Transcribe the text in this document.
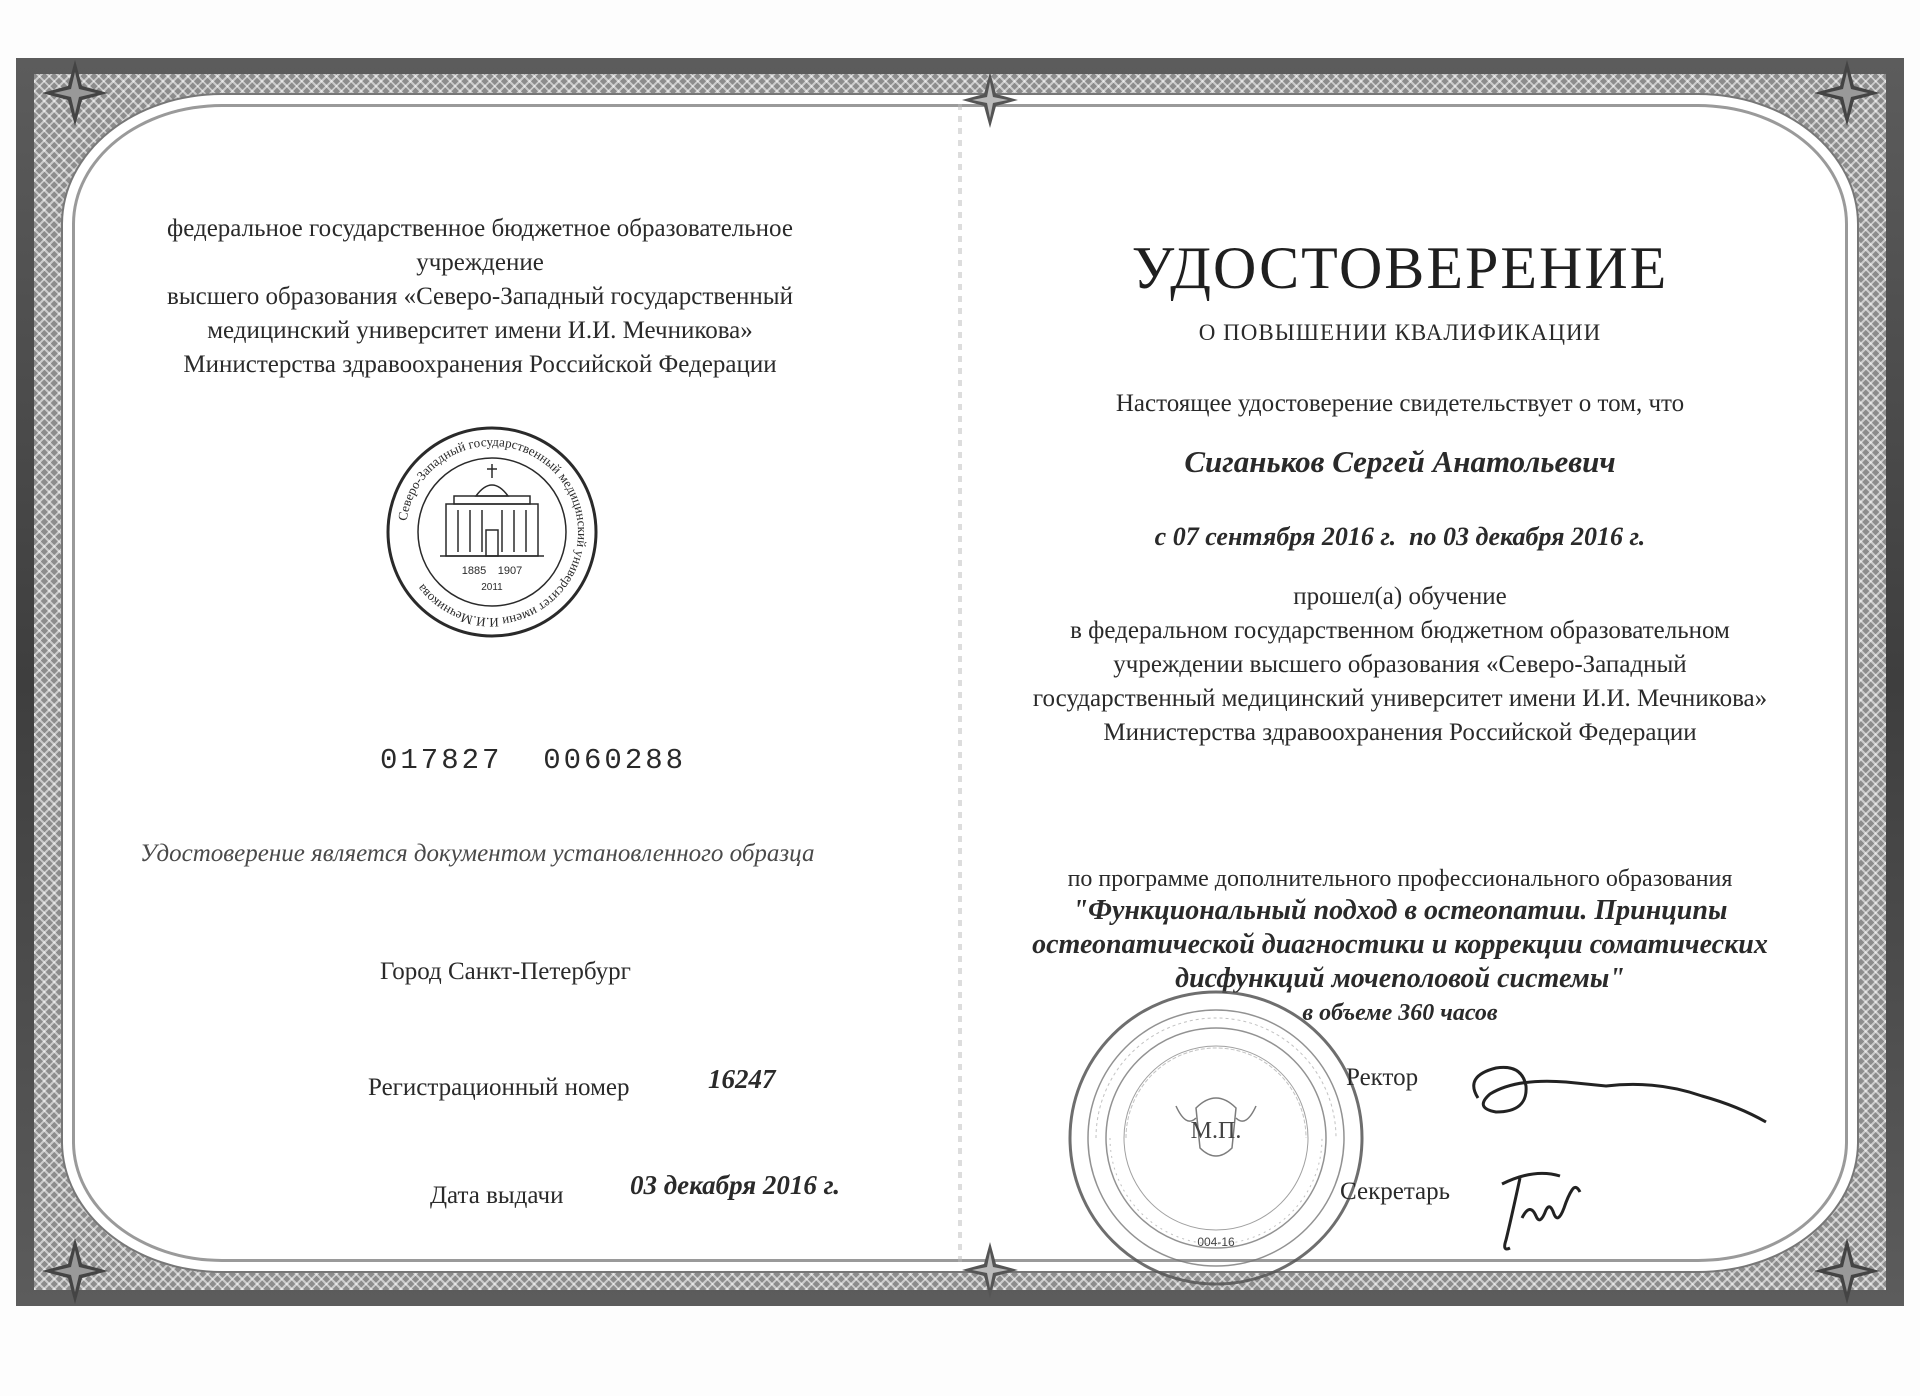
федеральное государственное бюджетное образовательное учреждение
высшего образования «Северо-Западный государственный
медицинский университет имени И.И. Мечникова»
Министерства здравоохранения Российской Федерации
Северо-Западный государственный медицинский университет имени И.И.Мечникова
1885 1907
2011
017827  0060288
Удостоверение является документом установленного образца
Город Санкт-Петербург
Регистрационный номер	16247
Дата выдачи 03 декабря 2016 г.
УДОСТОВЕРЕНИЕ
О ПОВЫШЕНИИ КВАЛИФИКАЦИИ
Настоящее удостоверение свидетельствует о том, что
Сиганьков Сергей Анатольевич
с 07 сентября 2016 г.  по 03 декабря 2016 г.
прошел(а) обучение
в федеральном государственном бюджетном образовательном
учреждении высшего образования «Северо-Западный
государственный медицинский университет имени И.И. Мечникова»
Министерства здравоохранения Российской Федерации
по программе дополнительного профессионального образования
"Функциональный подход в остеопатии. Принципы
остеопатической диагностики и коррекции соматических
дисфункций мочеполовой системы"
в объеме 360 часов
М.П.
004-16
Ректор
Секретарь
